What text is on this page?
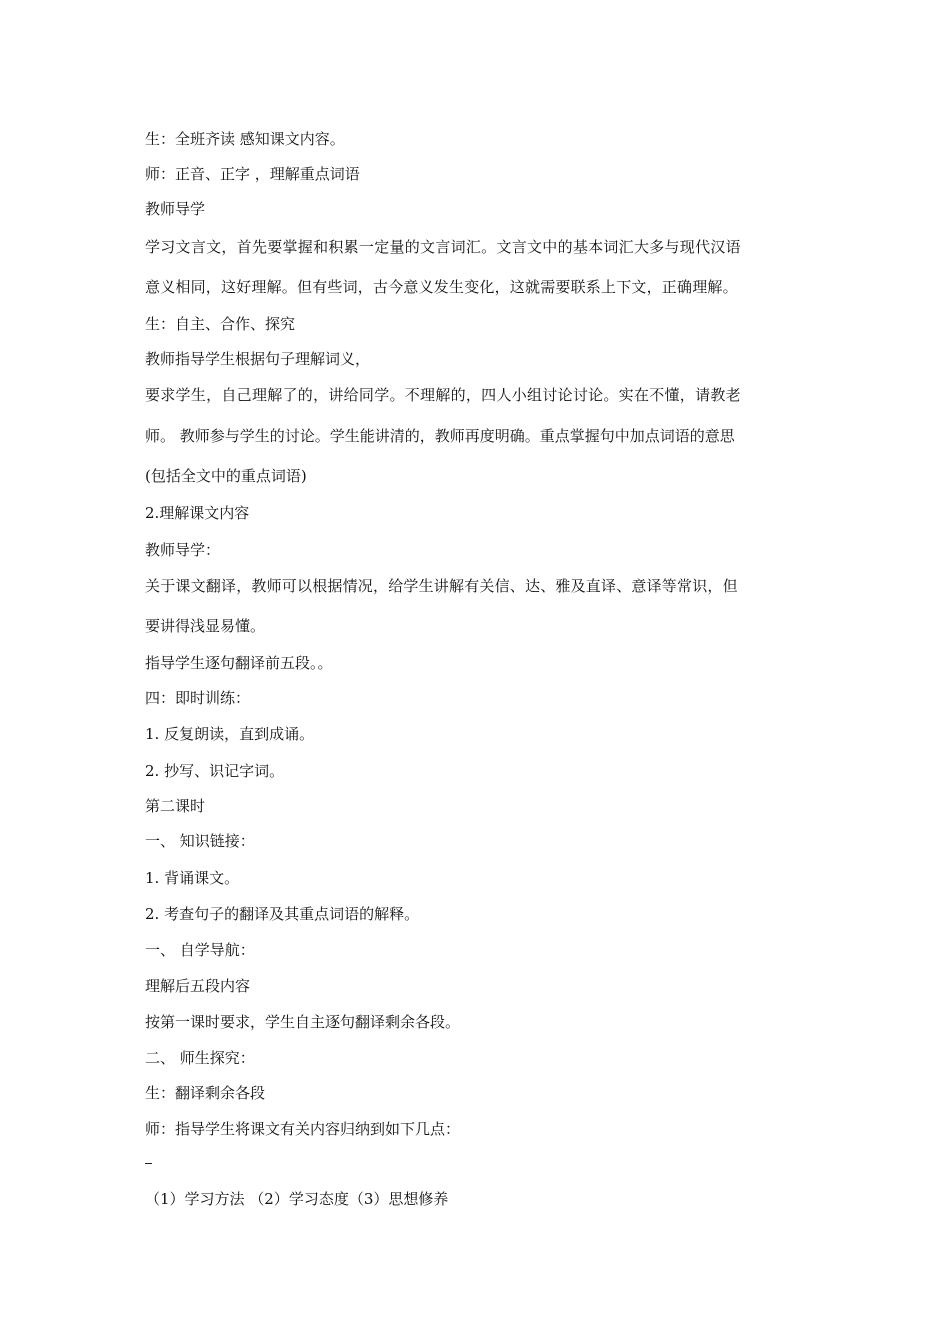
生：全班齐读 感知课文内容。
师：正音、正字 ，理解重点词语
教师导学
学习文言文，首先要掌握和积累一定量的文言词汇。文言文中的基本词汇大多与现代汉语
意义相同，这好理解。但有些词，古今意义发生变化，这就需要联系上下文，正确理解。
生：自主、合作、探究
教师指导学生根据句子理解词义，
要求学生，自己理解了的，讲给同学。不理解的，四人小组讨论讨论。实在不懂，请教老
师。 教师参与学生的讨论。学生能讲清的，教师再度明确。重点掌握句中加点词语的意思
(包括全文中的重点词语)
2.理解课文内容
教师导学：
关于课文翻译，教师可以根据情况，给学生讲解有关信、达、雅及直译、意译等常识，但
要讲得浅显易懂。
指导学生逐句翻译前五段。。
四：即时训练：
1. 反复朗读，直到成诵。
2. 抄写、识记字词。
第二课时
一、 知识链接：
1. 背诵课文。
2. 考查句子的翻译及其重点词语的解释。
一、 自学导航：
理解后五段内容
按第一课时要求，学生自主逐句翻译剩余各段。
二、 师生探究：
生：翻译剩余各段
师：指导学生将课文有关内容归纳到如下几点：
（1）学习方法 （2）学习态度（3）思想修养
